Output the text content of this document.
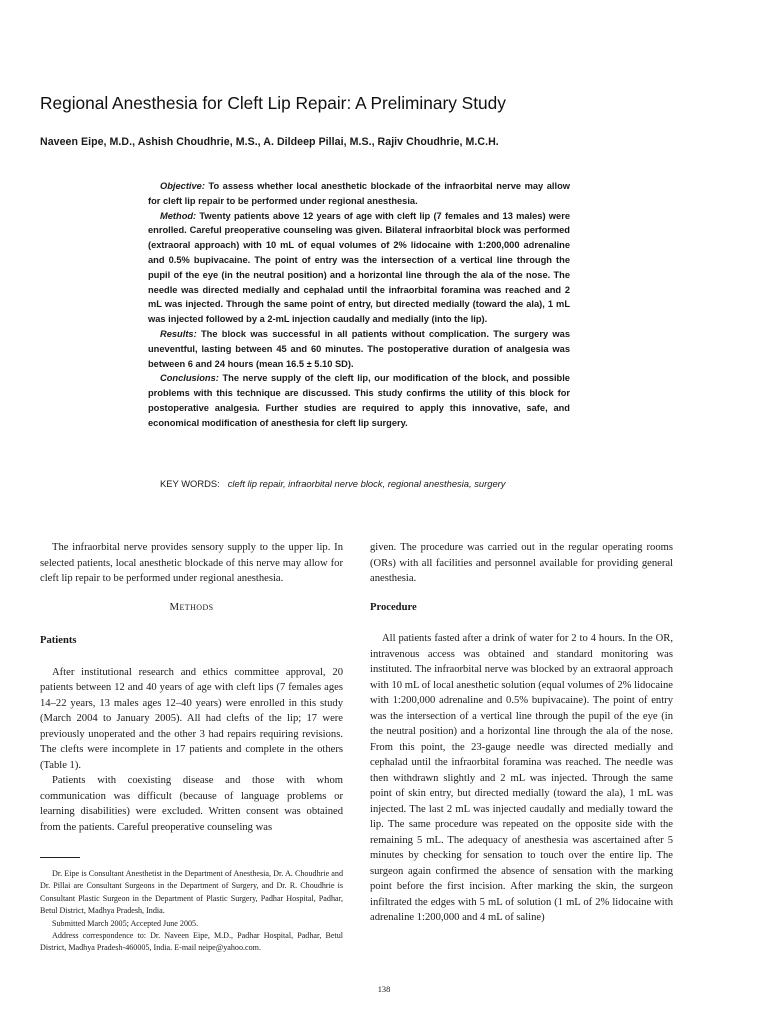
Regional Anesthesia for Cleft Lip Repair: A Preliminary Study

Naveen Eipe, M.D., Ashish Choudhrie, M.S., A. Dildeep Pillai, M.S., Rajiv Choudhrie, M.C.H.

Objective: To assess whether local anesthetic blockade of the infraorbital nerve may allow for cleft lip repair to be performed under regional anesthesia.

Method: Twenty patients above 12 years of age with cleft lip (7 females and 13 males) were enrolled. Careful preoperative counseling was given. Bilateral infraorbital block was performed (extraoral approach) with 10 mL of equal volumes of 2% lidocaine with 1:200,000 adrenaline and 0.5% bupivacaine. The point of entry was the intersection of a vertical line through the pupil of the eye (in the neutral position) and a horizontal line through the ala of the nose. The needle was directed medially and cephalad until the infraorbital foramina was reached and 2 mL was injected. Through the same point of entry, but directed medially (toward the ala), 1 mL was injected followed by a 2-mL injection caudally and medially (into the lip).

Results: The block was successful in all patients without complication. The surgery was uneventful, lasting between 45 and 60 minutes. The postoperative duration of analgesia was between 6 and 24 hours (mean 16.5 ± 5.10 SD).

Conclusions: The nerve supply of the cleft lip, our modification of the block, and possible problems with this technique are discussed. This study confirms the utility of this block for postoperative analgesia. Further studies are required to apply this innovative, safe, and economical modification of anesthesia for cleft lip surgery.

KEY WORDS: cleft lip repair, infraorbital nerve block, regional anesthesia, surgery

The infraorbital nerve provides sensory supply to the upper lip. In selected patients, local anesthetic blockade of this nerve may allow for cleft lip repair to be performed under regional anesthesia.

Methods

Patients

After institutional research and ethics committee approval, 20 patients between 12 and 40 years of age with cleft lips (7 females ages 14–22 years, 13 males ages 12–40 years) were enrolled in this study (March 2004 to January 2005). All had clefts of the lip; 17 were previously unoperated and the other 3 had repairs requiring revisions. The clefts were incomplete in 17 patients and complete in the others (Table 1).

Patients with coexisting disease and those with whom communication was difficult (because of language problems or learning disabilities) were excluded. Written consent was obtained from the patients. Careful preoperative counseling was

given. The procedure was carried out in the regular operating rooms (ORs) with all facilities and personnel available for providing general anesthesia.

Procedure

All patients fasted after a drink of water for 2 to 4 hours. In the OR, intravenous access was obtained and standard monitoring was instituted. The infraorbital nerve was blocked by an extraoral approach with 10 mL of local anesthetic solution (equal volumes of 2% lidocaine with 1:200,000 adrenaline and 0.5% bupivacaine). The point of entry was the intersection of a vertical line through the pupil of the eye (in the neutral position) and a horizontal line through the ala of the nose. From this point, the 23-gauge needle was directed medially and cephalad until the infraorbital foramina was reached. The needle was then withdrawn slightly and 2 mL was injected. Through the same point of skin entry, but directed medially (toward the ala), 1 mL was injected. The last 2 mL was injected caudally and medially toward the lip. The same procedure was repeated on the opposite side with the remaining 5 mL. The adequacy of anesthesia was ascertained after 5 minutes by checking for sensation to touch over the entire lip. The surgeon again confirmed the absence of sensation with the marking point before the first incision. After marking the skin, the surgeon infiltrated the edges with 5 mL of solution (1 mL of 2% lidocaine with adrenaline 1:200,000 and 4 mL of saline)

Dr. Eipe is Consultant Anesthetist in the Department of Anesthesia, Dr. A. Choudhrie and Dr. Pillai are Consultant Surgeons in the Department of Surgery, and Dr. R. Choudhrie is Consultant Plastic Surgeon in the Department of Plastic Surgery, Padhar Hospital, Padhar, Betul District, Madhya Pradesh, India.

Submitted March 2005; Accepted June 2005.

Address correspondence to: Dr. Naveen Eipe, M.D., Padhar Hospital, Padhar, Betul District, Madhya Pradesh-460005, India. E-mail neipe@yahoo.com.

138
